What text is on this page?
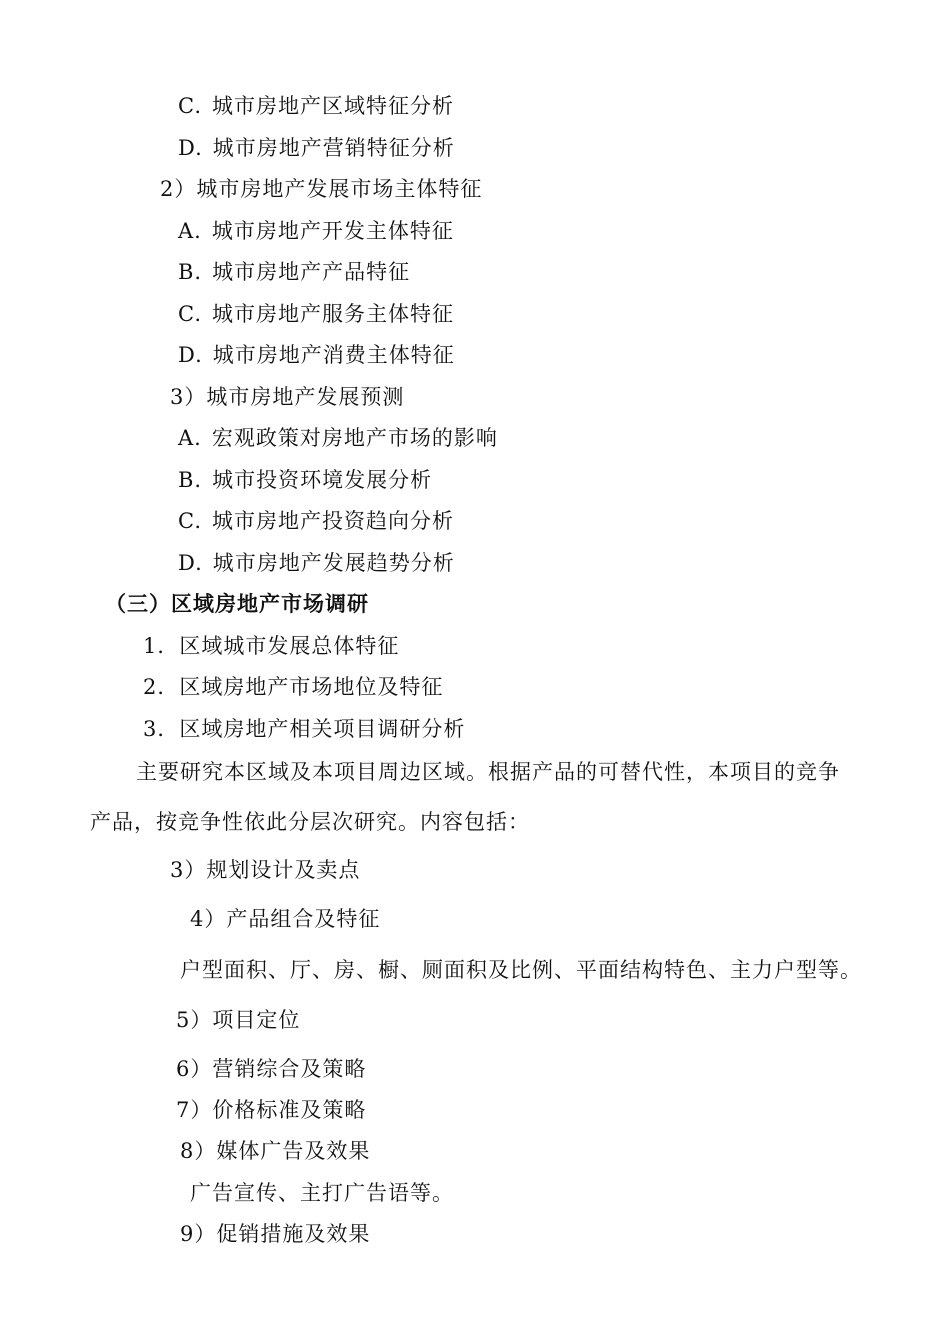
C. 城市房地产区域特征分析
D. 城市房地产营销特征分析
2）城市房地产发展市场主体特征
A. 城市房地产开发主体特征
B. 城市房地产产品特征
C. 城市房地产服务主体特征
D. 城市房地产消费主体特征
3）城市房地产发展预测
A. 宏观政策对房地产市场的影响
B. 城市投资环境发展分析
C. 城市房地产投资趋向分析
D. 城市房地产发展趋势分析
（三）区域房地产市场调研
1．区域城市发展总体特征
2．区域房地产市场地位及特征
3．区域房地产相关项目调研分析
主要研究本区域及本项目周边区域。根据产品的可替代性，本项目的竞争
产品，按竞争性依此分层次研究。内容包括：
3）规划设计及卖点
4）产品组合及特征
户型面积、厅、房、橱、厕面积及比例、平面结构特色、主力户型等。
5）项目定位
6）营销综合及策略
7）价格标准及策略
8）媒体广告及效果
广告宣传、主打广告语等。
9）促销措施及效果
